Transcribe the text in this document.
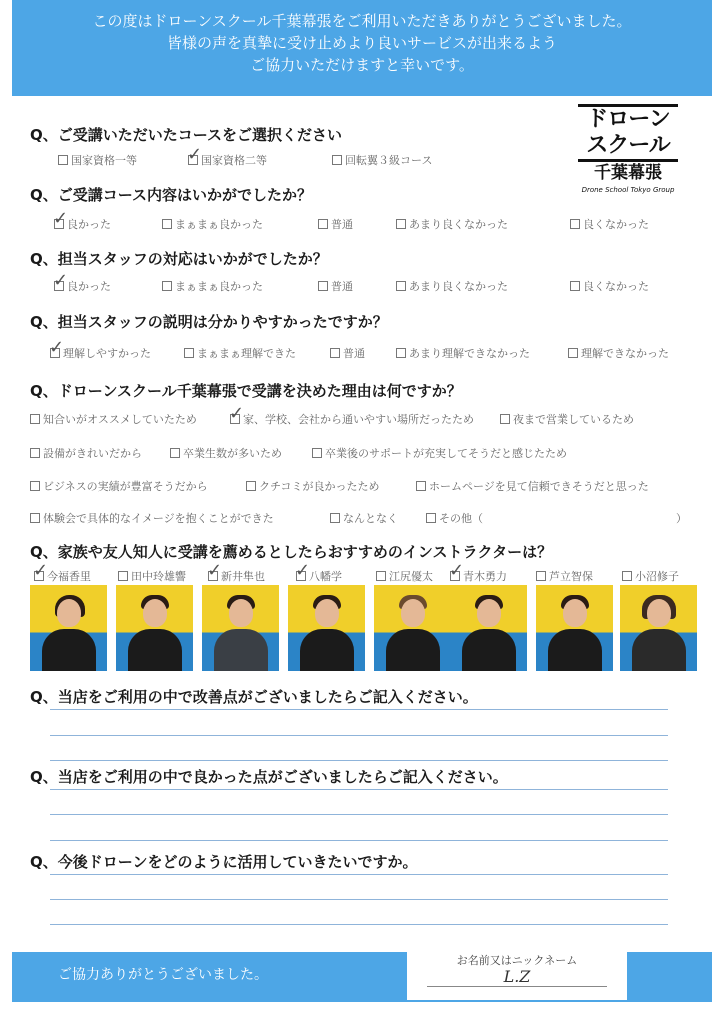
この度はドローンスクール千葉幕張をご利用いただきありがとうございました。
皆様の声を真摯に受け止めより良いサービスが出来るよう
ご協力いただけますと幸いです。
ドローン
スクール
千葉幕張
Drone School Tokyo Group
Q、ご受講いただいたコースをご選択ください
国家資格一等 ✓	国家資格二等	回転翼３級コース
Q、ご受講コース内容はいかがでしたか？
✓良かった	まぁまぁ良かった	普通	あまり良くなかった	良くなかった
Q、担当スタッフの対応はいかがでしたか？
✓良かった	まぁまぁ良かった	普通	あまり良くなかった	良くなかった
Q、担当スタッフの説明は分かりやすかったですか？
✓理解しやすかった	まぁまぁ理解できた	普通	あまり理解できなかった	理解できなかった
Q、ドローンスクール千葉幕張で受講を決めた理由は何ですか？
知合いがオススメしていたため ✓	家、学校、会社から通いやすい場所だったため	夜まで営業しているため
設備がきれいだから	卒業生数が多いため	卒業後のサポートが充実してそうだと感じたため
ビジネスの実績が豊富そうだから	クチコミが良かったため	ホームページを見て信頼できそうだと思った
体験会で具体的なイメージを抱くことができた	なんとなく	その他（	）
Q、家族や友人知人に受講を薦めるとしたらおすすめのインストラクターは？
✓今福香里	田中玲雄響 ✓	新井隼也 ✓	八幡学	江尻優太 ✓	青木勇力	芦立智保	小沼修子
Q、当店をご利用の中で改善点がございましたらご記入ください。
Q、当店をご利用の中で良かった点がございましたらご記入ください。
Q、今後ドローンをどのように活用していきたいですか。
ご協力ありがとうございました。
お名前又はニックネーム
L.Z
